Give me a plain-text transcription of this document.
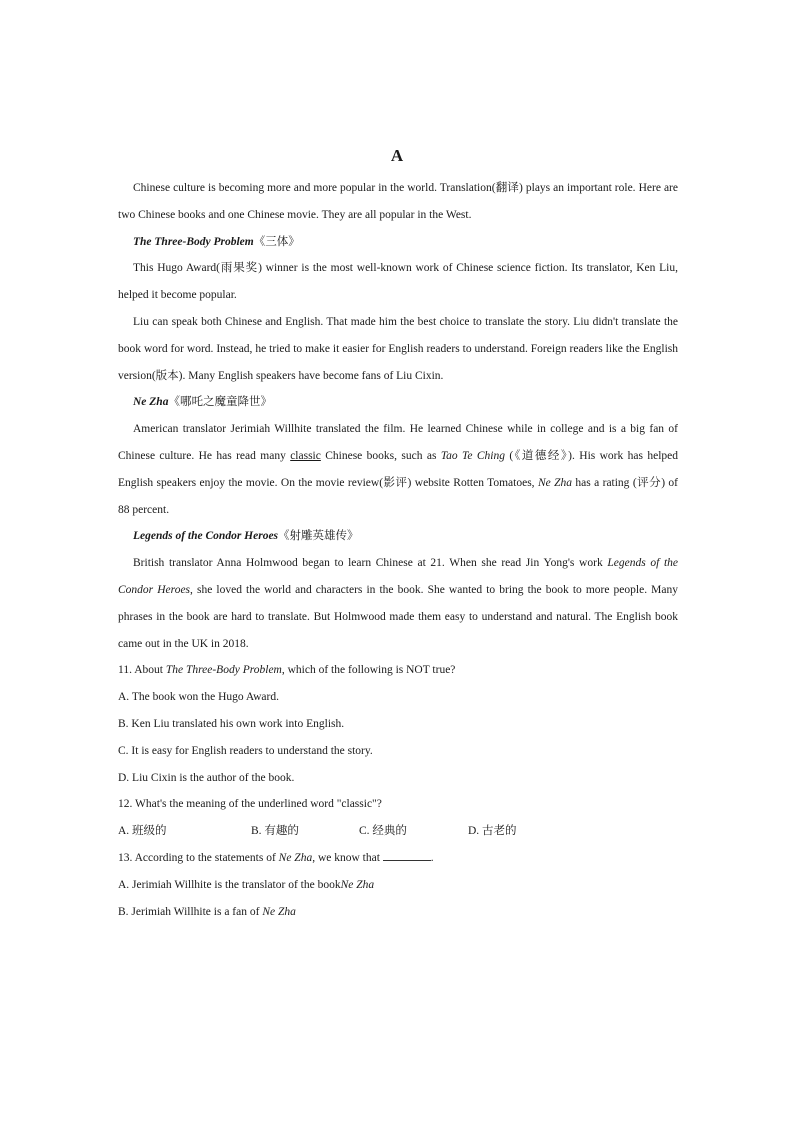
A

Chinese culture is becoming more and more popular in the world. Translation(翻译) plays an important role. Here are two Chinese books and one Chinese movie. They are all popular in the West.

The Three-Body Problem《三体》

This Hugo Award(雨果奖) winner is the most well-known work of Chinese science fiction. Its translator, Ken Liu, helped it become popular.

Liu can speak both Chinese and English. That made him the best choice to translate the story. Liu didn't translate the book word for word. Instead, he tried to make it easier for English readers to understand. Foreign readers like the English version(版本). Many English speakers have become fans of Liu Cixin.

Ne Zha《哪吒之魔童降世》

American translator Jerimiah Willhite translated the film. He learned Chinese while in college and is a big fan of Chinese culture. He has read many classic Chinese books, such as Tao Te Ching (《道德经》). His work has helped English speakers enjoy the movie. On the movie review(影评) website Rotten Tomatoes, Ne Zha has a rating (评分) of 88 percent.

Legends of the Condor Heroes《射雕英雄传》

British translator Anna Holmwood began to learn Chinese at 21. When she read Jin Yong's work Legends of the Condor Heroes, she loved the world and characters in the book. She wanted to bring the book to more people. Many phrases in the book are hard to translate. But Holmwood made them easy to understand and natural. The English book came out in the UK in 2018.

11. About The Three-Body Problem, which of the following is NOT true?

A. The book won the Hugo Award.

B. Ken Liu translated his own work into English.

C. It is easy for English readers to understand the story.

D. Liu Cixin is the author of the book.

12. What's the meaning of the underlined word "classic"?

A. 班级的	B. 有趣的	C. 经典的	D. 古老的

13. According to the statements of Ne Zha, we know that	.

A. Jerimiah Willhite is the translator of the bookNe Zha

B. Jerimiah Willhite is a fan of Ne Zha
